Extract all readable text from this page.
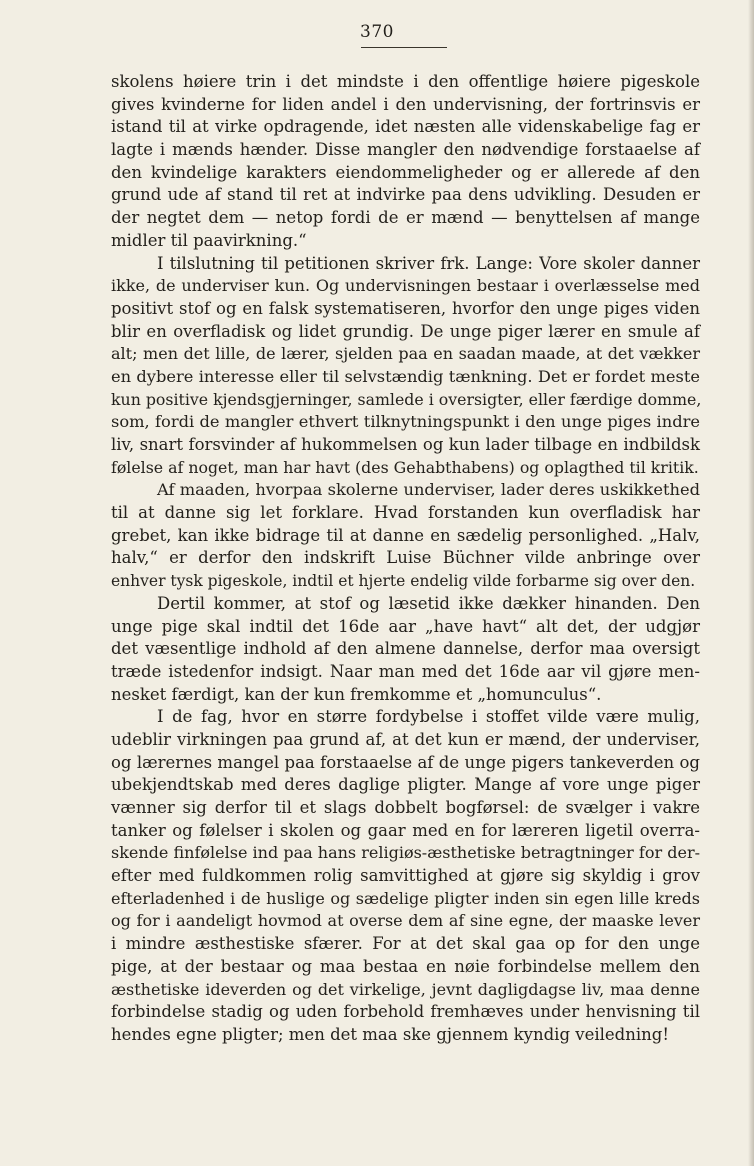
370
skolens høiere trin i det mindste i den offentlige høiere pigeskole
gives kvinderne for liden andel i den undervisning, der fortrinsvis er
istand til at virke opdragende, idet næsten alle videnskabelige fag er
lagte i mænds hænder. Disse mangler den nødvendige forstaaelse af
den kvindelige karakters eiendommeligheder og er allerede af den
grund ude af stand til ret at indvirke paa dens udvikling. Desuden er
der negtet dem — netop fordi de er mænd — benyttelsen af mange
midler til paavirkning.“
I tilslutning til petitionen skriver frk. Lange: Vore skoler danner
ikke, de underviser kun. Og undervisningen bestaar i overlæsselse med
positivt stof og en falsk systematiseren, hvorfor den unge piges viden
blir en overfladisk og lidet grundig. De unge piger lærer en smule af
alt; men det lille, de lærer, sjelden paa en saadan maade, at det vækker
en dybere interesse eller til selvstændig tænkning. Det er fordet meste
kun positive kjendsgjerninger, samlede i oversigter, eller færdige domme,
som, fordi de mangler ethvert tilknytningspunkt i den unge piges indre
liv, snart forsvinder af hukommelsen og kun lader tilbage en indbildsk
følelse af noget, man har havt (des Gehabthabens) og oplagthed til kritik.
Af maaden, hvorpaa skolerne underviser, lader deres uskikkethed
til at danne sig let forklare. Hvad forstanden kun overfladisk har
grebet, kan ikke bidrage til at danne en sædelig personlighed. „Halv,
halv,“ er derfor den indskrift Luise Büchner vilde anbringe over
enhver tysk pigeskole, indtil et hjerte endelig vilde forbarme sig over den.
Dertil kommer, at stof og læsetid ikke dækker hinanden. Den
unge pige skal indtil det 16de aar „have havt“ alt det, der udgjør
det væsentlige indhold af den almene dannelse, derfor maa oversigt
træde istedenfor indsigt. Naar man med det 16de aar vil gjøre men-
nesket færdigt, kan der kun fremkomme et „homunculus“.
I de fag, hvor en større fordybelse i stoffet vilde være mulig,
udeblir virkningen paa grund af, at det kun er mænd, der underviser,
og lærernes mangel paa forstaaelse af de unge pigers tankeverden og
ubekjendtskab med deres daglige pligter. Mange af vore unge piger
vænner sig derfor til et slags dobbelt bogførsel: de svælger i vakre
tanker og følelser i skolen og gaar med en for læreren ligetil overra-
skende finfølelse ind paa hans religiøs-æsthetiske betragtninger for der-
efter med fuldkommen rolig samvittighed at gjøre sig skyldig i grov
efterladenhed i de huslige og sædelige pligter inden sin egen lille kreds
og for i aandeligt hovmod at overse dem af sine egne, der maaske lever
i mindre æsthestiske sfærer. For at det skal gaa op for den unge
pige, at der bestaar og maa bestaa en nøie forbindelse mellem den
æsthetiske ideverden og det virkelige, jevnt dagligdagse liv, maa denne
forbindelse stadig og uden forbehold fremhæves under henvisning til
hendes egne pligter; men det maa ske gjennem kyndig veiledning!
